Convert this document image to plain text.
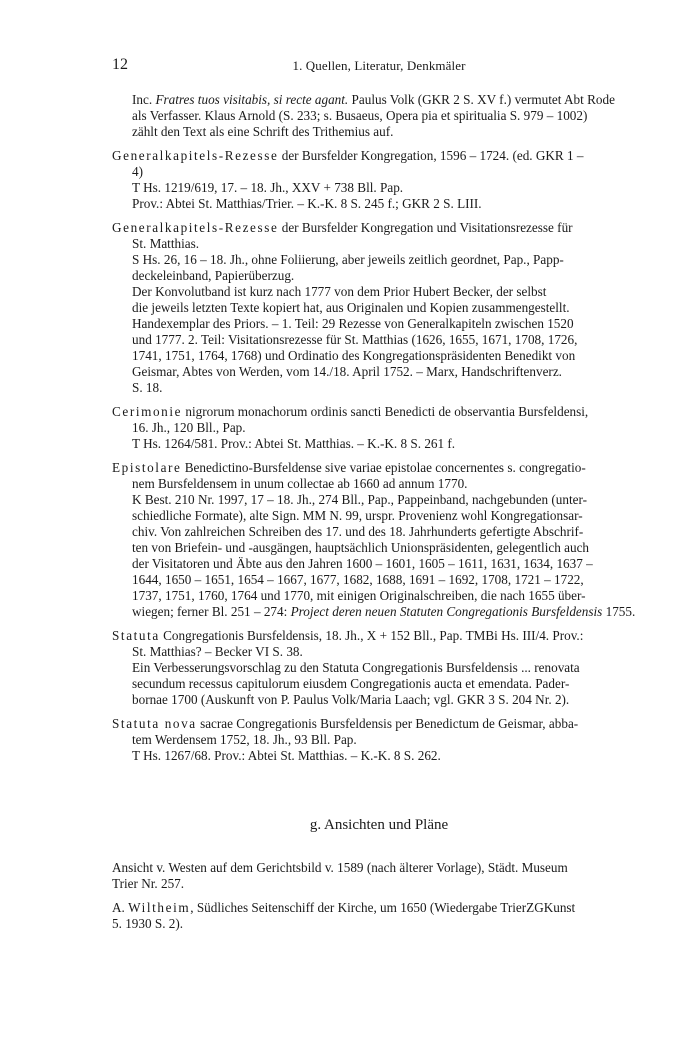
12	1. Quellen, Literatur, Denkmäler
Inc. Fratres tuos visitabis, si recte agant. Paulus Volk (GKR 2 S. XV f.) vermutet Abt Rode
als Verfasser. Klaus Arnold (S. 233; s. Busaeus, Opera pia et spiritualia S. 979 – 1002)
zählt den Text als eine Schrift des Trithemius auf.
Generalkapitels-Rezesse der Bursfelder Kongregation, 1596 – 1724. (ed. GKR 1 –
4)
T Hs. 1219/619, 17. – 18. Jh., XXV + 738 Bll. Pap.
Prov.: Abtei St. Matthias/Trier. – K.-K. 8 S. 245 f.; GKR 2 S. LIII.
Generalkapitels-Rezesse der Bursfelder Kongregation und Visitationsrezesse für
St. Matthias.
S Hs. 26, 16 – 18. Jh., ohne Foliierung, aber jeweils zeitlich geordnet, Pap., Papp-
deckeleinband, Papierüberzug.
Der Konvolutband ist kurz nach 1777 von dem Prior Hubert Becker, der selbst
die jeweils letzten Texte kopiert hat, aus Originalen und Kopien zusammengestellt.
Handexemplar des Priors. – 1. Teil: 29 Rezesse von Generalkapiteln zwischen 1520
und 1777. 2. Teil: Visitationsrezesse für St. Matthias (1626, 1655, 1671, 1708, 1726,
1741, 1751, 1764, 1768) und Ordinatio des Kongregationspräsidenten Benedikt von
Geismar, Abtes von Werden, vom 14./18. April 1752. – Marx, Handschriftenverz.
S. 18.
Cerimonie nigrorum monachorum ordinis sancti Benedicti de observantia Bursfeldensi,
16. Jh., 120 Bll., Pap.
T Hs. 1264/581. Prov.: Abtei St. Matthias. – K.-K. 8 S. 261 f.
Epistolare Benedictino-Bursfeldense sive variae epistolae concernentes s. congregatio-
nem Bursfeldensem in unum collectae ab 1660 ad annum 1770.
K Best. 210 Nr. 1997, 17 – 18. Jh., 274 Bll., Pap., Pappeinband, nachgebunden (unter-
schiedliche Formate), alte Sign. MM N. 99, urspr. Provenienz wohl Kongregationsar-
chiv. Von zahlreichen Schreiben des 17. und des 18. Jahrhunderts gefertigte Abschrif-
ten von Briefein- und -ausgängen, hauptsächlich Unionspräsidenten, gelegentlich auch
der Visitatoren und Äbte aus den Jahren 1600 – 1601, 1605 – 1611, 1631, 1634, 1637 –
1644, 1650 – 1651, 1654 – 1667, 1677, 1682, 1688, 1691 – 1692, 1708, 1721 – 1722,
1737, 1751, 1760, 1764 und 1770, mit einigen Originalschreiben, die nach 1655 über-
wiegen; ferner Bl. 251 – 274: Project deren neuen Statuten Congregationis Bursfeldensis 1755.
Statuta Congregationis Bursfeldensis, 18. Jh., X + 152 Bll., Pap. TMBi Hs. III/4. Prov.:
St. Matthias? – Becker VI S. 38.
Ein Verbesserungsvorschlag zu den Statuta Congregationis Bursfeldensis ... renovata
secundum recessus capitulorum eiusdem Congregationis aucta et emendata. Pader-
bornae 1700 (Auskunft von P. Paulus Volk/Maria Laach; vgl. GKR 3 S. 204 Nr. 2).
Statuta nova sacrae Congregationis Bursfeldensis per Benedictum de Geismar, abba-
tem Werdensem 1752, 18. Jh., 93 Bll. Pap.
T Hs. 1267/68. Prov.: Abtei St. Matthias. – K.-K. 8 S. 262.
g. Ansichten und Pläne
Ansicht v. Westen auf dem Gerichtsbild v. 1589 (nach älterer Vorlage), Städt. Museum
Trier Nr. 257.
A. Wiltheim, Südliches Seitenschiff der Kirche, um 1650 (Wiedergabe TrierZGKunst
5. 1930 S. 2).
